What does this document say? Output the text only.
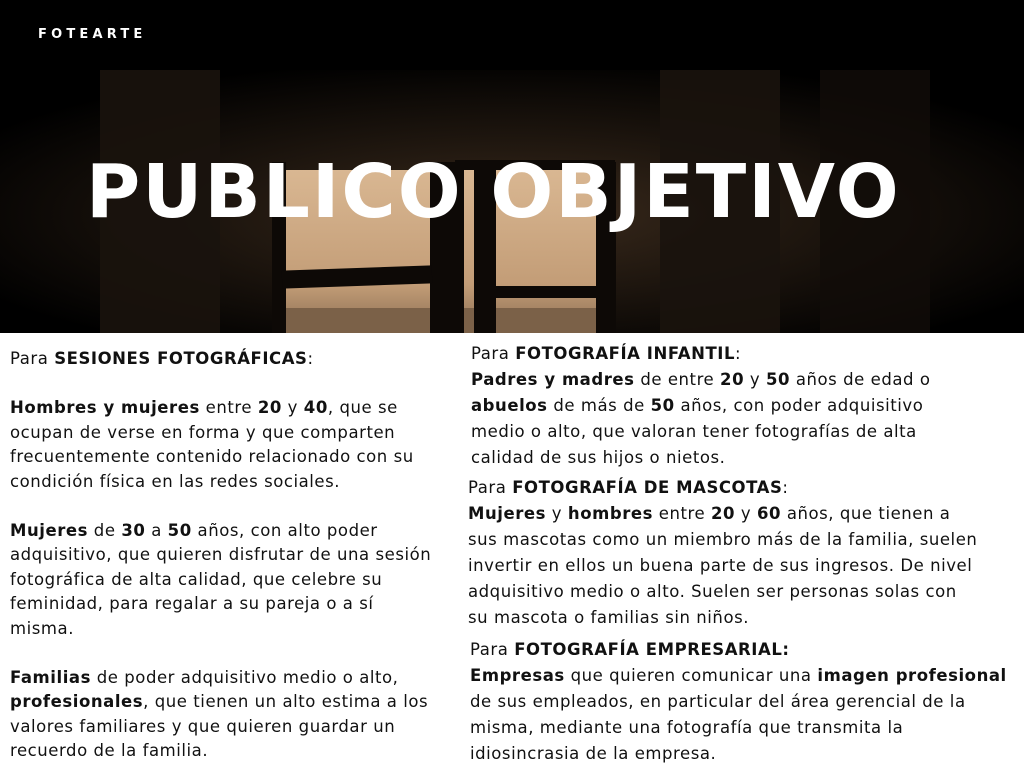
FOTEARTE
PUBLICO OBJETIVO

Para SESIONES FOTOGRÁFICAS:

Hombres y mujeres entre 20 y 40, que se

ocupan de verse en forma y que comparten

frecuentemente contenido relacionado con su

condición física en las redes sociales.

Mujeres de 30 a 50 años, con alto poder

adquisitivo, que quieren disfrutar de una sesión

fotográfica de alta calidad, que celebre su

feminidad, para regalar a su pareja o a sí

misma.

Familias de poder adquisitivo medio o alto,

profesionales, que tienen un alto estima a los

valores familiares y que quieren guardar un

recuerdo de la familia.

Para FOTOGRAFÍA INFANTIL:

Padres y madres de entre 20 y 50 años de edad o

abuelos de más de 50 años, con poder adquisitivo

medio o alto, que valoran tener fotografías de alta

calidad de sus hijos o nietos.

Para FOTOGRAFÍA DE MASCOTAS:

Mujeres y hombres entre 20 y 60 años, que tienen a

sus mascotas como un miembro más de la familia, suelen

invertir en ellos un buena parte de sus ingresos. De nivel

adquisitivo medio o alto. Suelen ser personas solas con

su mascota o familias sin niños.

Para FOTOGRAFÍA EMPRESARIAL:

Empresas que quieren comunicar una imagen profesional

de sus empleados, en particular del área gerencial de la

misma, mediante una fotografía que transmita la

idiosincrasia de la empresa.
